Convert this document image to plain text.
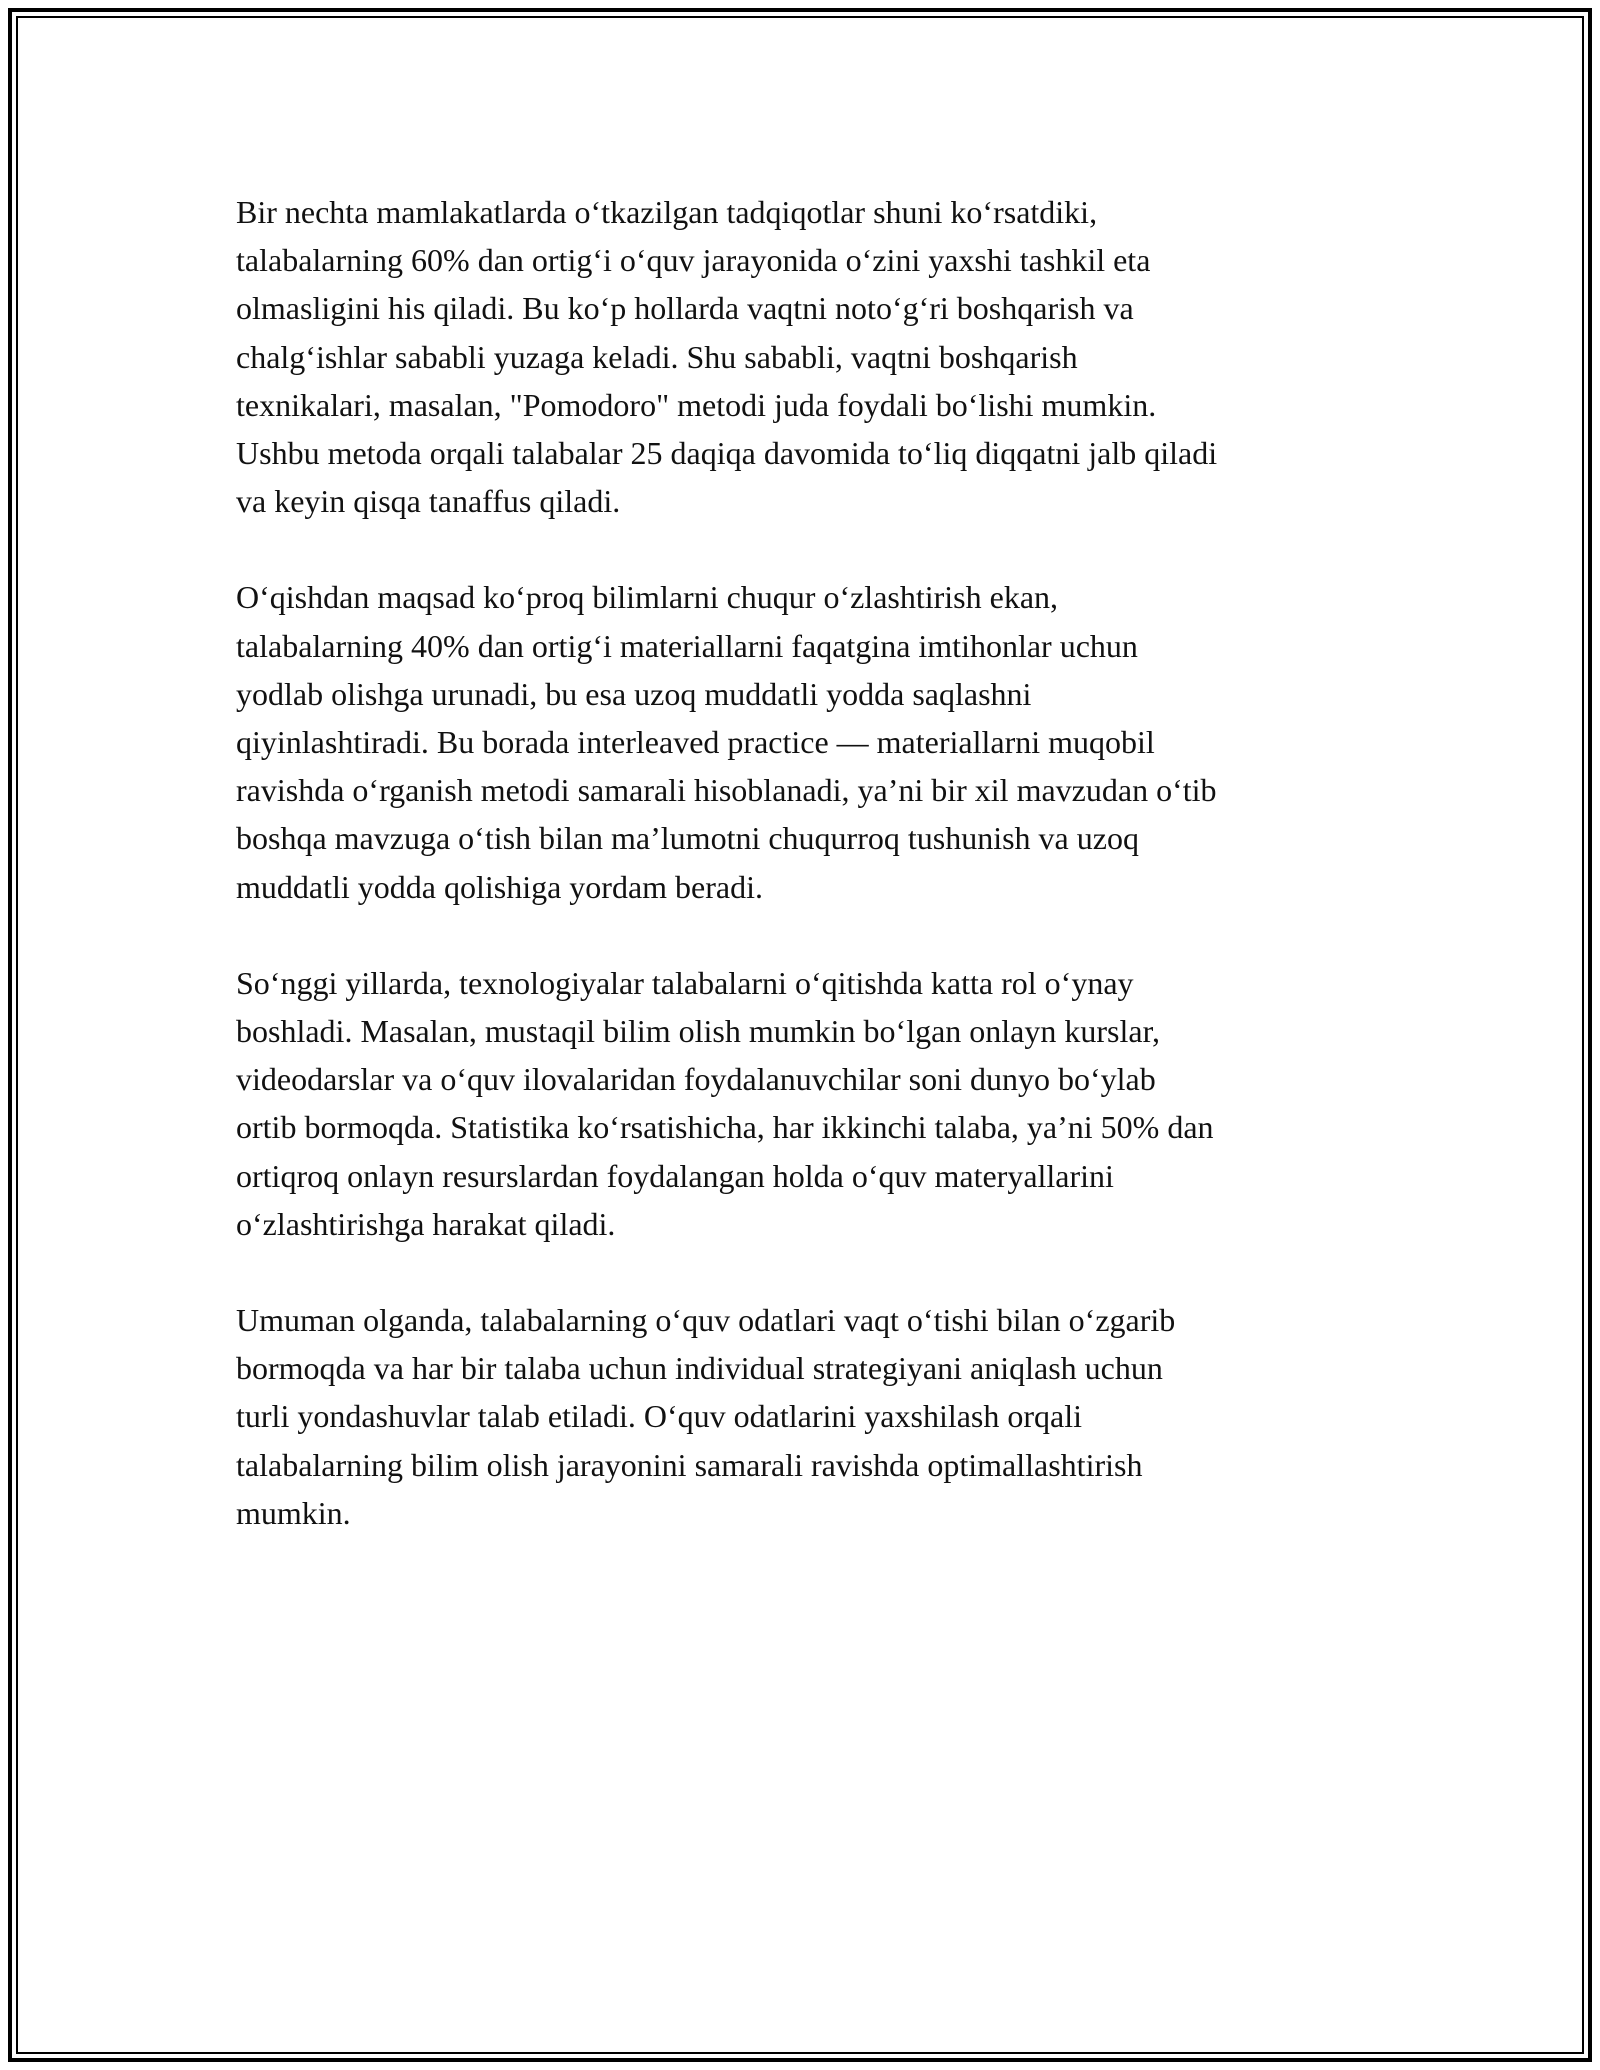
Bir nechta mamlakatlarda o‘tkazilgan tadqiqotlar shuni ko‘rsatdiki,
talabalarning 60% dan ortig‘i o‘quv jarayonida o‘zini yaxshi tashkil eta
olmasligini his qiladi. Bu ko‘p hollarda vaqtni noto‘g‘ri boshqarish va
chalg‘ishlar sababli yuzaga keladi. Shu sababli, vaqtni boshqarish
texnikalari, masalan, "Pomodoro" metodi juda foydali bo‘lishi mumkin.
Ushbu metoda orqali talabalar 25 daqiqa davomida to‘liq diqqatni jalb qiladi
va keyin qisqa tanaffus qiladi.

O‘qishdan maqsad ko‘proq bilimlarni chuqur o‘zlashtirish ekan,
talabalarning 40% dan ortig‘i materiallarni faqatgina imtihonlar uchun
yodlab olishga urunadi, bu esa uzoq muddatli yodda saqlashni
qiyinlashtiradi. Bu borada interleaved practice — materiallarni muqobil
ravishda o‘rganish metodi samarali hisoblanadi, ya’ni bir xil mavzudan o‘tib
boshqa mavzuga o‘tish bilan ma’lumotni chuqurroq tushunish va uzoq
muddatli yodda qolishiga yordam beradi.

So‘nggi yillarda, texnologiyalar talabalarni o‘qitishda katta rol o‘ynay
boshladi. Masalan, mustaqil bilim olish mumkin bo‘lgan onlayn kurslar,
videodarslar va o‘quv ilovalaridan foydalanuvchilar soni dunyo bo‘ylab
ortib bormoqda. Statistika ko‘rsatishicha, har ikkinchi talaba, ya’ni 50% dan
ortiqroq onlayn resurslardan foydalangan holda o‘quv materyallarini
o‘zlashtirishga harakat qiladi.

Umuman olganda, talabalarning o‘quv odatlari vaqt o‘tishi bilan o‘zgarib
bormoqda va har bir talaba uchun individual strategiyani aniqlash uchun
turli yondashuvlar talab etiladi. O‘quv odatlarini yaxshilash orqali
talabalarning bilim olish jarayonini samarali ravishda optimallashtirish
mumkin.
